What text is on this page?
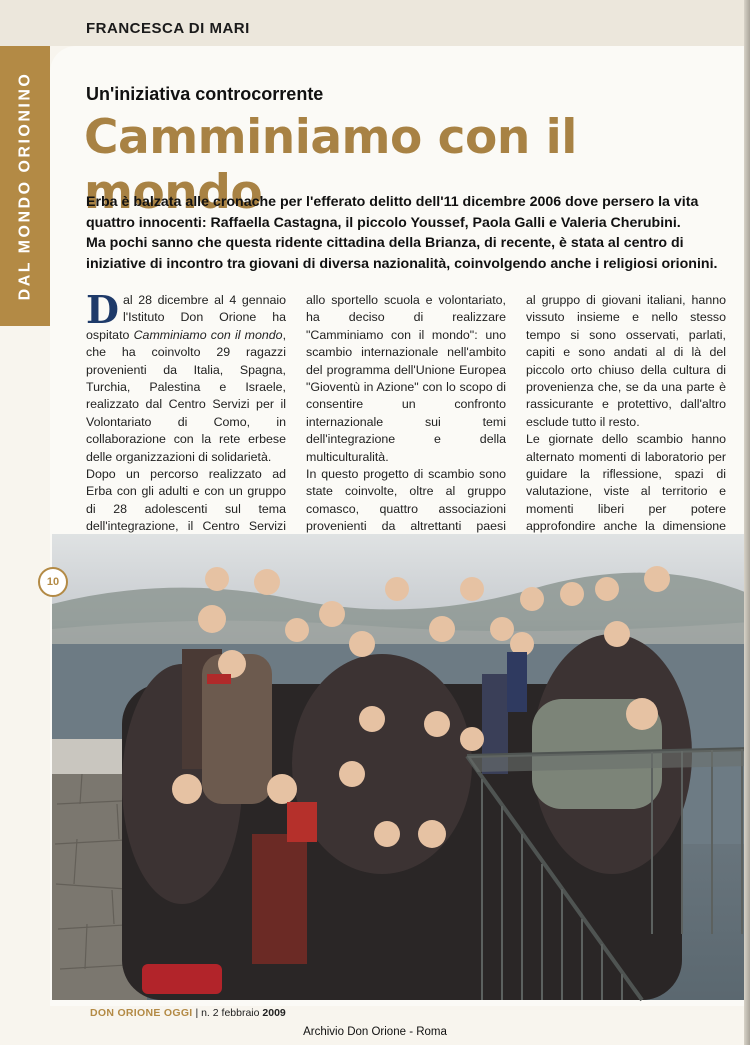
FRANCESCA DI MARI
DAL MONDO ORIONINO	Un'iniziativa controcorrente
Camminiamo con il mondo

Erba è balzata alle cronache per l'efferato delitto dell'11 dicembre 2006 dove persero la vita quattro innocenti: Raffaella Castagna, il piccolo Youssef, Paola Galli e Valeria Cherubini.

Ma pochi sanno che questa ridente cittadina della Brianza, di recente, è stata al centro di iniziative di incontro tra giovani di diversa nazionalità, coinvolgendo anche i religiosi orionini.

Dal 28 dicembre al 4 gennaio l'Istituto Don Orione ha ospitato Camminiamo con il mondo, che ha coinvolto 29 ragazzi provenienti da Italia, Spagna, Turchia, Palestina e Israele, realizzato dal Centro Servizi per il Volontariato di Como, in collaborazione con la rete erbese delle organizzazioni di solidarietà.

Dopo un percorso realizzato ad Erba con gli adulti e con un gruppo di 28 adolescenti sul tema dell'integrazione, il Centro Servizi

allo sportello scuola e volontariato, ha deciso di realizzare "Camminiamo con il mondo": uno scambio internazionale nell'ambito del programma dell'Unione Europea "Gioventù in Azione" con lo scopo di consentire un confronto internazionale sui temi dell'integrazione e della multiculturalità.

In questo progetto di scambio sono state coinvolte, oltre al gruppo comasco, quattro associazioni provenienti da altrettanti paesi

al gruppo di giovani italiani, hanno vissuto insieme e nello stesso tempo si sono osservati, parlati, capiti e sono andati al di là del piccolo orto chiuso della cultura di provenienza che, se da una parte è rassicurante e protettivo, dall'altro esclude tutto il resto.

Le giornate dello scambio hanno alternato momenti di laboratorio per guidare la riflessione, spazi di valutazione, viste al territorio e momenti liberi per potere approfondire anche la dimensione

10
DON ORIONE OGGI | n. 2 febbraio 2009
Archivio Don Orione - Roma
